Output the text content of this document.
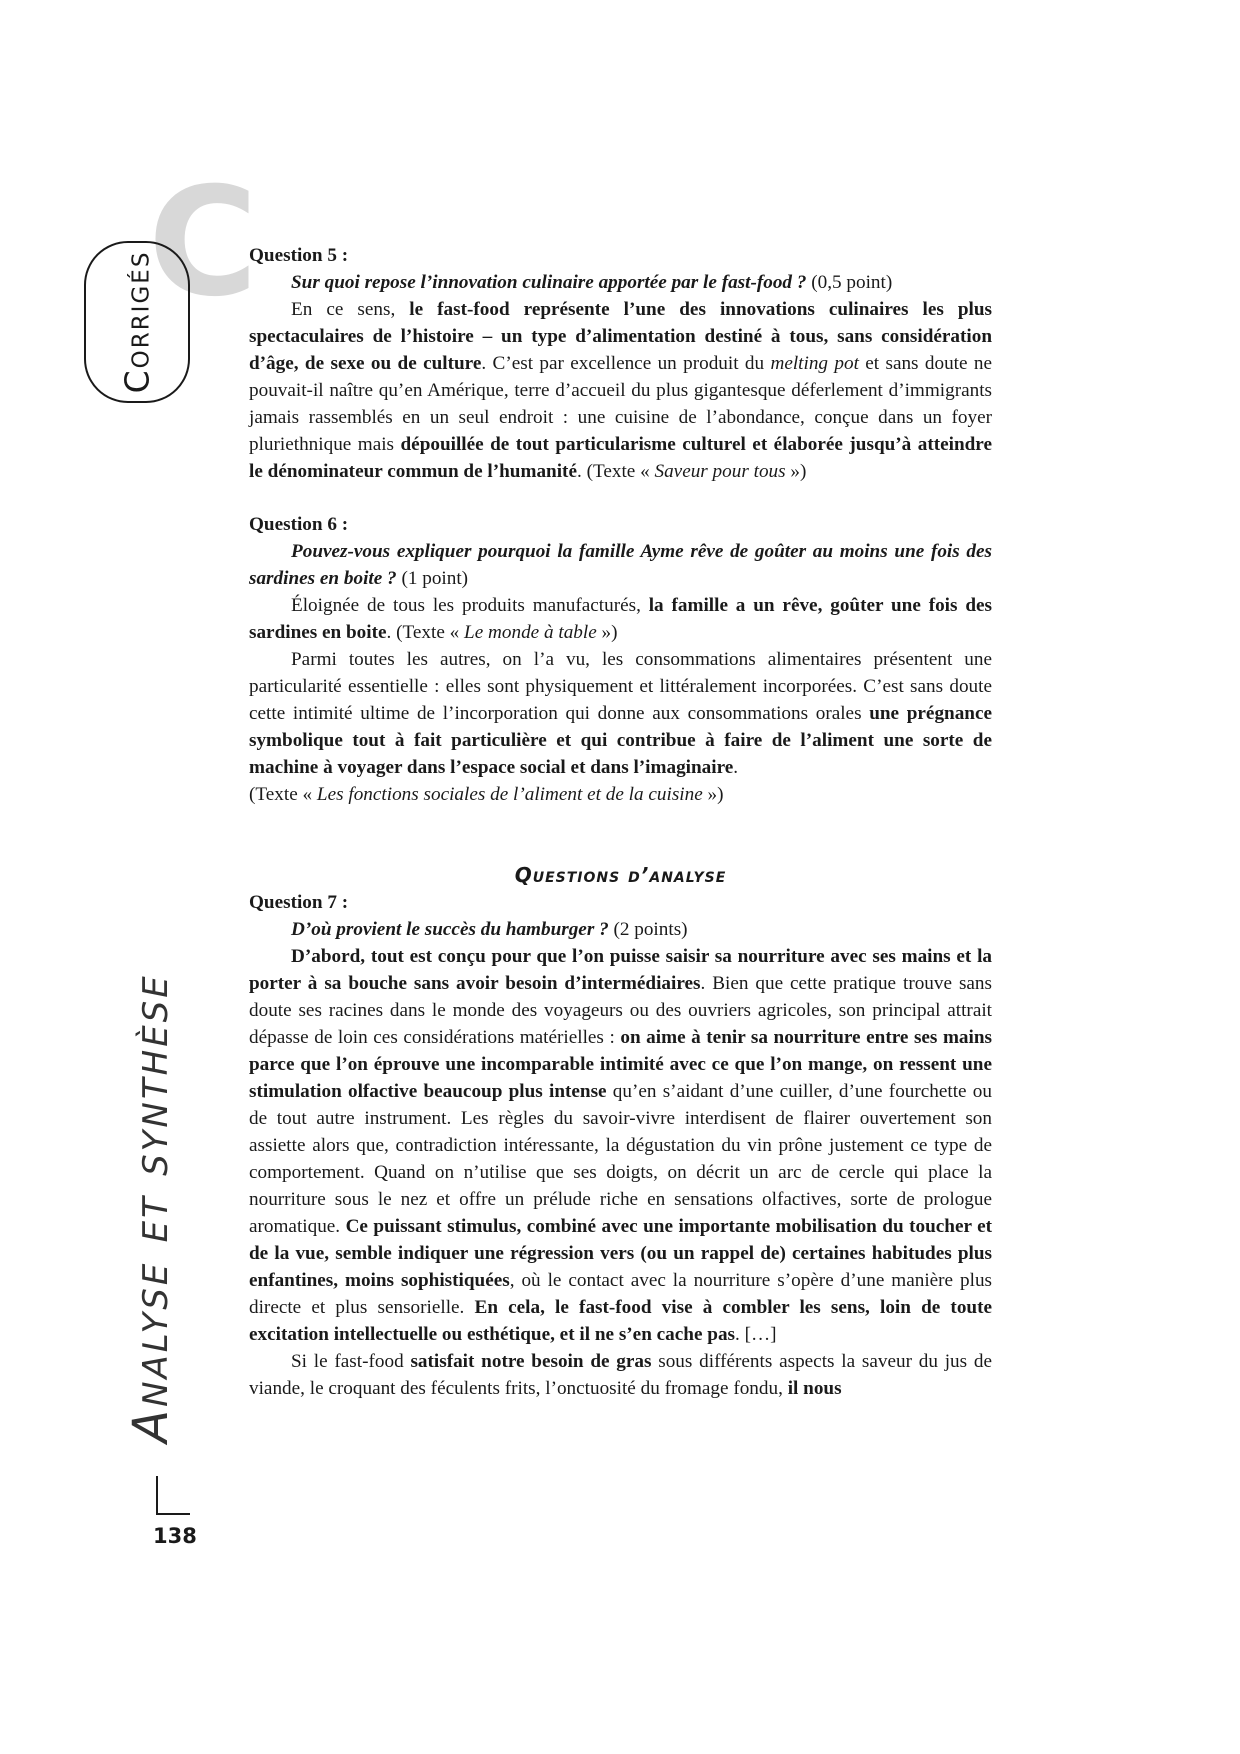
C
Corrigés
Analyse et synthèse
138

Question 5 :

Sur quoi repose l’innovation culinaire apportée par le fast-food ? (0,5 point)

En ce sens, le fast-food représente l’une des innovations culinaires les plus spectaculaires de l’histoire – un type d’alimentation destiné à tous, sans considération d’âge, de sexe ou de culture. C’est par excellence un produit du melting pot et sans doute ne pouvait-il naître qu’en Amérique, terre d’accueil du plus gigantesque déferlement d’immigrants jamais rassemblés en un seul endroit : une cuisine de l’abondance, conçue dans un foyer pluriethnique mais dépouillée de tout particularisme culturel et élaborée jusqu’à atteindre le dénominateur commun de l’humanité. (Texte « Saveur pour tous »)

Question 6 :

Pouvez-vous expliquer pourquoi la famille Ayme rêve de goûter au moins une fois des sardines en boite ? (1 point)

Éloignée de tous les produits manufacturés, la famille a un rêve, goûter une fois des sardines en boite. (Texte « Le monde à table »)

Parmi toutes les autres, on l’a vu, les consommations alimentaires présentent une particularité essentielle : elles sont physiquement et littéralement incorporées. C’est sans doute cette intimité ultime de l’incorporation qui donne aux consommations orales une prégnance symbolique tout à fait particulière et qui contribue à faire de l’aliment une sorte de machine à voyager dans l’espace social et dans l’imaginaire.

(Texte « Les fonctions sociales de l’aliment et de la cuisine »)

Questions d’analyse

Question 7 :

D’où provient le succès du hamburger ? (2 points)

D’abord, tout est conçu pour que l’on puisse saisir sa nourriture avec ses mains et la porter à sa bouche sans avoir besoin d’intermédiaires. Bien que cette pratique trouve sans doute ses racines dans le monde des voyageurs ou des ouvriers agricoles, son principal attrait dépasse de loin ces considérations matérielles : on aime à tenir sa nourriture entre ses mains parce que l’on éprouve une incomparable intimité avec ce que l’on mange, on ressent une stimulation olfactive beaucoup plus intense qu’en s’aidant d’une cuiller, d’une fourchette ou de tout autre instrument. Les règles du savoir-vivre interdisent de flairer ouvertement son assiette alors que, contradiction intéressante, la dégustation du vin prône justement ce type de comportement. Quand on n’utilise que ses doigts, on décrit un arc de cercle qui place la nourriture sous le nez et offre un prélude riche en sensations olfactives, sorte de prologue aromatique. Ce puissant stimulus, combiné avec une importante mobilisation du toucher et de la vue, semble indiquer une régression vers (ou un rappel de) certaines habitudes plus enfantines, moins sophistiquées, où le contact avec la nourriture s’opère d’une manière plus directe et plus sensorielle. En cela, le fast-food vise à combler les sens, loin de toute excitation intellectuelle ou esthétique, et il ne s’en cache pas. […]

Si le fast-food satisfait notre besoin de gras sous différents aspects la saveur du jus de viande, le croquant des féculents frits, l’onctuosité du fromage fondu, il nous
